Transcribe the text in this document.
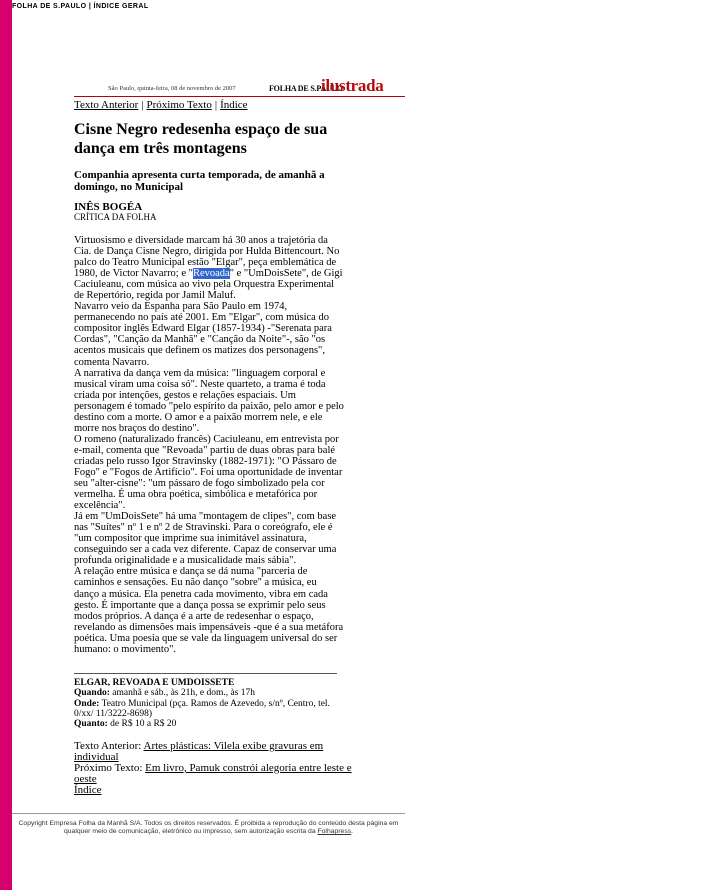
FOLHA DE S.PAULO | ÍNDICE GERAL
São Paulo, quinta-feira, 08 de novembro de 2007	FOLHA DE S.PAULO
ilustrada
Texto Anterior | Próximo Texto | Índice
Cisne Negro redesenha espaço de sua dança em três montagens
Companhia apresenta curta temporada, de amanhã a domingo, no Municipal
INÊS BOGÉA
CRÍTICA DA FOLHA

Virtuosismo e diversidade marcam há 30 anos a trajetória da Cia. de Dança Cisne Negro, dirigida por Hulda Bittencourt. No palco do Teatro Municipal estão "Elgar", peça emblemática de 1980, de Victor Navarro; e "Revoada" e "UmDoisSete", de Gigi Caciuleanu, com música ao vivo pela Orquestra Experimental de Repertório, regida por Jamil Maluf.

Navarro veio da Espanha para São Paulo em 1974, permanecendo no país até 2001. Em "Elgar", com música do compositor inglês Edward Elgar (1857-1934) -"Serenata para Cordas", "Canção da Manhã" e "Canção da Noite"-, são "os acentos musicais que definem os matizes dos personagens", comenta Navarro.

A narrativa da dança vem da música: "linguagem corporal e musical viram uma coisa só". Neste quarteto, a trama é toda criada por intenções, gestos e relações espaciais. Um personagem é tomado "pelo espírito da paixão, pelo amor e pelo destino com a morte. O amor e a paixão morrem nele, e ele morre nos braços do destino".

O romeno (naturalizado francês) Caciuleanu, em entrevista por e-mail, comenta que "Revoada" partiu de duas obras para balé criadas pelo russo Igor Stravinsky (1882-1971): "O Pássaro de Fogo" e "Fogos de Artifício". Foi uma oportunidade de inventar seu "alter-cisne": "um pássaro de fogo simbolizado pela cor vermelha. É uma obra poética, simbólica e metafórica por excelência".

Já em "UmDoisSete" há uma "montagem de clipes", com base nas "Suítes" nº 1 e nº 2 de Stravinski. Para o coreógrafo, ele é "um compositor que imprime sua inimitável assinatura, conseguindo ser a cada vez diferente. Capaz de conservar uma profunda originalidade e a musicalidade mais sábia".

A relação entre música e dança se dá numa "parceria de caminhos e sensações. Eu não danço "sobre" a música, eu danço a música. Ela penetra cada movimento, vibra em cada gesto. É importante que a dança possa se exprimir pelo seus modos próprios. A dança é a arte de redesenhar o espaço, revelando as dimensões mais impensáveis -que é a sua metáfora poética. Uma poesia que se vale da linguagem universal do ser humano: o movimento".

ELGAR, REVOADA E UMDOISSETE
Quando: amanhã e sáb., às 21h, e dom., às 17h
Onde: Teatro Municipal (pça. Ramos de Azevedo, s/nº, Centro, tel. 0/xx/ 11/3222-8698)
Quanto: de R$ 10 a R$ 20
Texto Anterior: Artes plásticas: Vilela exibe gravuras em individual
Próximo Texto: Em livro, Pamuk constrói alegoria entre leste e oeste
Índice
Copyright Empresa Folha da Manhã S/A. Todos os direitos reservados. É proibida a reprodução do conteúdo desta página em
qualquer meio de comunicação, eletrônico ou impresso, sem autorização escrita da Folhapress.
